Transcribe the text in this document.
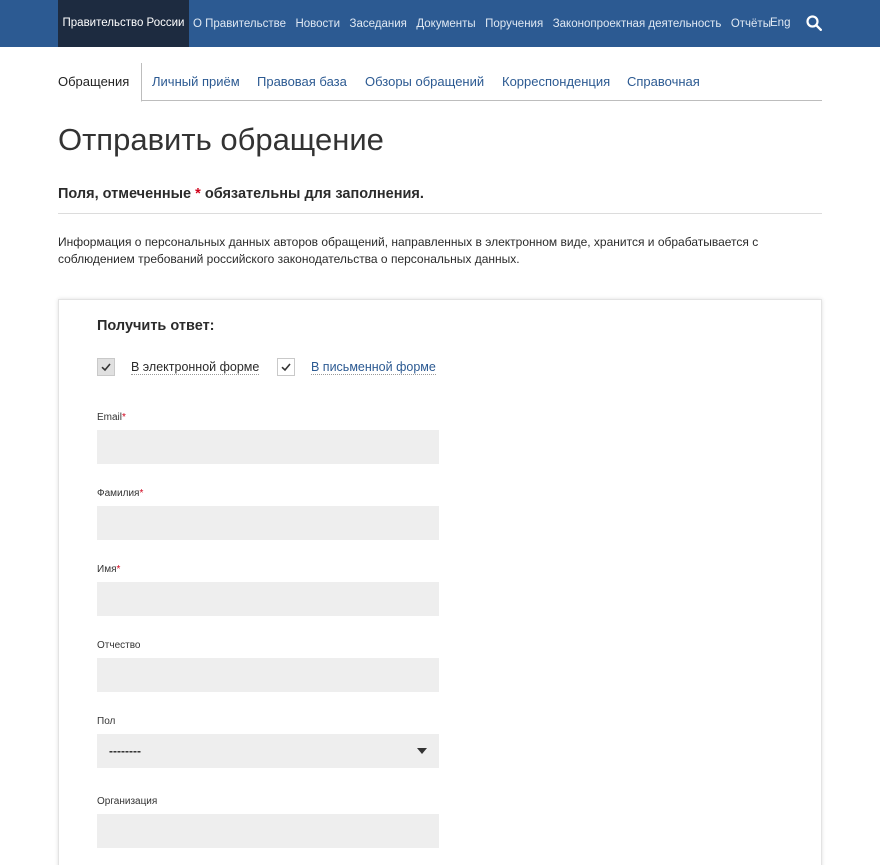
Правительство России О Правительстве Новости Заседания Документы Поручения Законопроектная деятельность Отчёты Eng
Обращения	Личный приём Правовая база Обзоры обращений Корреспонденция Справочная
Отправить обращение
Поля, отмеченные * обязательны для заполнения.

Информация о персональных данных авторов обращений, направленных в электронном виде, хранится и обрабатывается с соблюдением требований российского законодательства о персональных данных.

Получить ответ:
В электронной форме	В письменной форме
Email*
Фамилия*
Имя*
Отчество
Пол
--------
Организация
